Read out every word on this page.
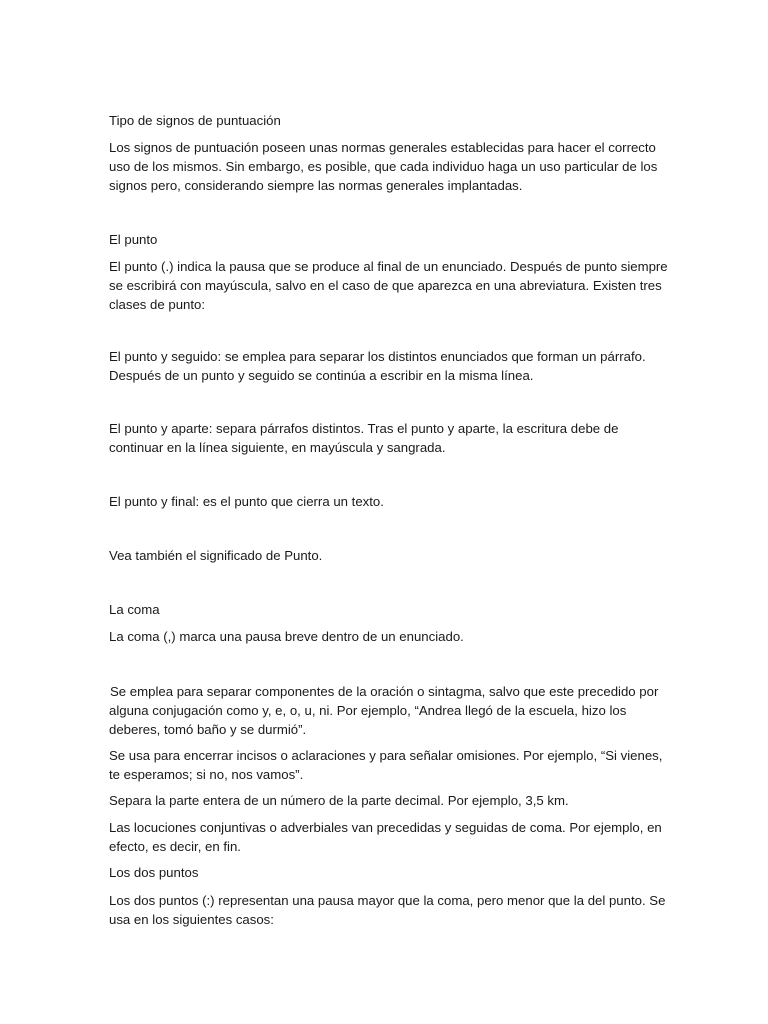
Tipo de signos de puntuación
Los signos de puntuación poseen unas normas generales establecidas para hacer el correcto
uso de los mismos. Sin embargo, es posible, que cada individuo haga un uso particular de los
signos pero, considerando siempre las normas generales implantadas.
El punto
El punto (.) indica la pausa que se produce al final de un enunciado. Después de punto siempre
se escribirá con mayúscula, salvo en el caso de que aparezca en una abreviatura. Existen tres
clases de punto:
El punto y seguido: se emplea para separar los distintos enunciados que forman un párrafo.
Después de un punto y seguido se continúa a escribir en la misma línea.
El punto y aparte: separa párrafos distintos. Tras el punto y aparte, la escritura debe de
continuar en la línea siguiente, en mayúscula y sangrada.
El punto y final: es el punto que cierra un texto.
Vea también el significado de Punto.
La coma
La coma (,) marca una pausa breve dentro de un enunciado.
Se emplea para separar componentes de la oración o sintagma, salvo que este precedido por
alguna conjugación como y, e, o, u, ni. Por ejemplo, “Andrea llegó de la escuela, hizo los
deberes, tomó baño y se durmió”.
Se usa para encerrar incisos o aclaraciones y para señalar omisiones. Por ejemplo, “Si vienes,
te esperamos; si no, nos vamos”.
Separa la parte entera de un número de la parte decimal. Por ejemplo, 3,5 km.
Las locuciones conjuntivas o adverbiales van precedidas y seguidas de coma. Por ejemplo, en
efecto, es decir, en fin.
Los dos puntos
Los dos puntos (:) representan una pausa mayor que la coma, pero menor que la del punto. Se
usa en los siguientes casos:
